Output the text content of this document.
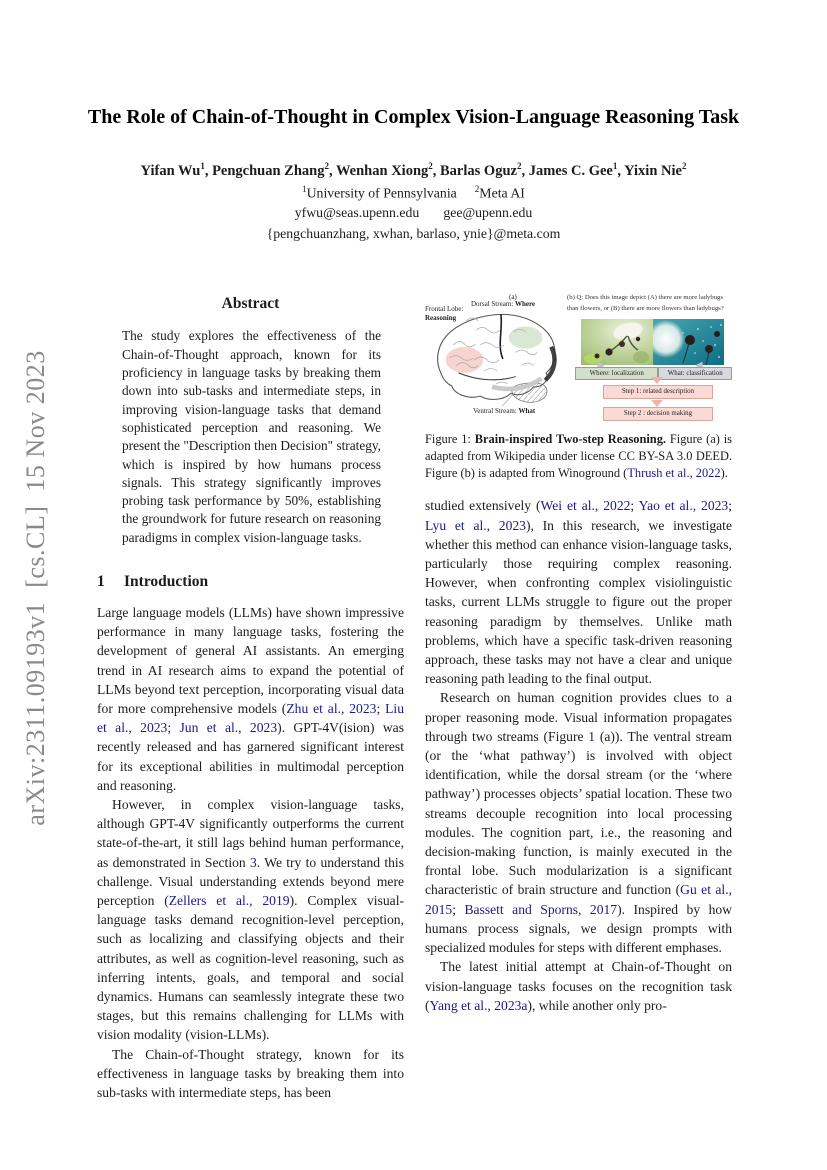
arXiv:2311.09193v1  [cs.CL]  15 Nov 2023
The Role of Chain-of-Thought in Complex Vision-Language Reasoning Task
Yifan Wu$^1$, Pengchuan Zhang$^2$, Wenhan Xiong$^2$, Barlas Oguz$^2$, James C. Gee$^1$, Yixin Nie$^2$
$^1$University of Pennsylvania $^2$Meta AI
yfwu@seas.upenn.edu gee@upenn.edu
{pengchuanzhang, xwhan, barlaso, ynie}@meta.com
Abstract
The study explores the effectiveness of the Chain-of-Thought approach, known for its proficiency in language tasks by breaking them down into sub-tasks and intermediate steps, in improving vision-language tasks that demand sophisticated perception and reasoning. We present the "Description then Decision" strategy, which is inspired by how humans process signals. This strategy significantly improves probing task performance by 50%, establishing the groundwork for future research on reasoning paradigms in complex vision-language tasks.
1 Introduction

Large language models (LLMs) have shown impressive performance in many language tasks, fostering the development of general AI assistants. An emerging trend in AI research aims to expand the potential of LLMs beyond text perception, incorporating visual data for more comprehensive models (Zhu et al., 2023; Liu et al., 2023; Jun et al., 2023). GPT-4V(ision) was recently released and has garnered significant interest for its exceptional abilities in multimodal perception and reasoning.

However, in complex vision-language tasks, although GPT-4V significantly outperforms the current state-of-the-art, it still lags behind human performance, as demonstrated in Section 3. We try to understand this challenge. Visual understanding extends beyond mere perception (Zellers et al., 2019). Complex visual-language tasks demand recognition-level perception, such as localizing and classifying objects and their attributes, as well as cognition-level reasoning, such as inferring intents, goals, and temporal and social dynamics. Humans can seamlessly integrate these two stages, but this remains challenging for LLMs with vision modality (vision-LLMs).

The Chain-of-Thought strategy, known for its effectiveness in language tasks by breaking them into sub-tasks with intermediate steps, has been

(a)
Frontal Lobe:
Reasoning
Dorsal Stream: Where
Ventral Stream: What
(b) Q: Does this image depict (A) there are more ladybugs
than flowers, or (B) there are more flowers than ladybugs?
Where: localization	What: classification
Step 1: related description
Step 2 : decision making
Figure 1: Brain-inspired Two-step Reasoning. Figure (a) is adapted from Wikipedia under license CC BY-SA 3.0 DEED. Figure (b) is adapted from Winoground (Thrush et al., 2022).

studied extensively (Wei et al., 2022; Yao et al., 2023; Lyu et al., 2023), In this research, we investigate whether this method can enhance vision-language tasks, particularly those requiring complex reasoning. However, when confronting complex visiolinguistic tasks, current LLMs struggle to figure out the proper reasoning paradigm by themselves. Unlike math problems, which have a specific task-driven reasoning approach, these tasks may not have a clear and unique reasoning path leading to the final output.

Research on human cognition provides clues to a proper reasoning mode. Visual information propagates through two streams (Figure 1 (a)). The ventral stream (or the ‘what pathway’) is involved with object identification, while the dorsal stream (or the ‘where pathway’) processes objects’ spatial location. These two streams decouple recognition into local processing modules. The cognition part, i.e., the reasoning and decision-making function, is mainly executed in the frontal lobe. Such modularization is a significant characteristic of brain structure and function (Gu et al., 2015; Bassett and Sporns, 2017). Inspired by how humans process signals, we design prompts with specialized modules for steps with different emphases.

The latest initial attempt at Chain-of-Thought on vision-language tasks focuses on the recognition task (Yang et al., 2023a), while another only pro-
